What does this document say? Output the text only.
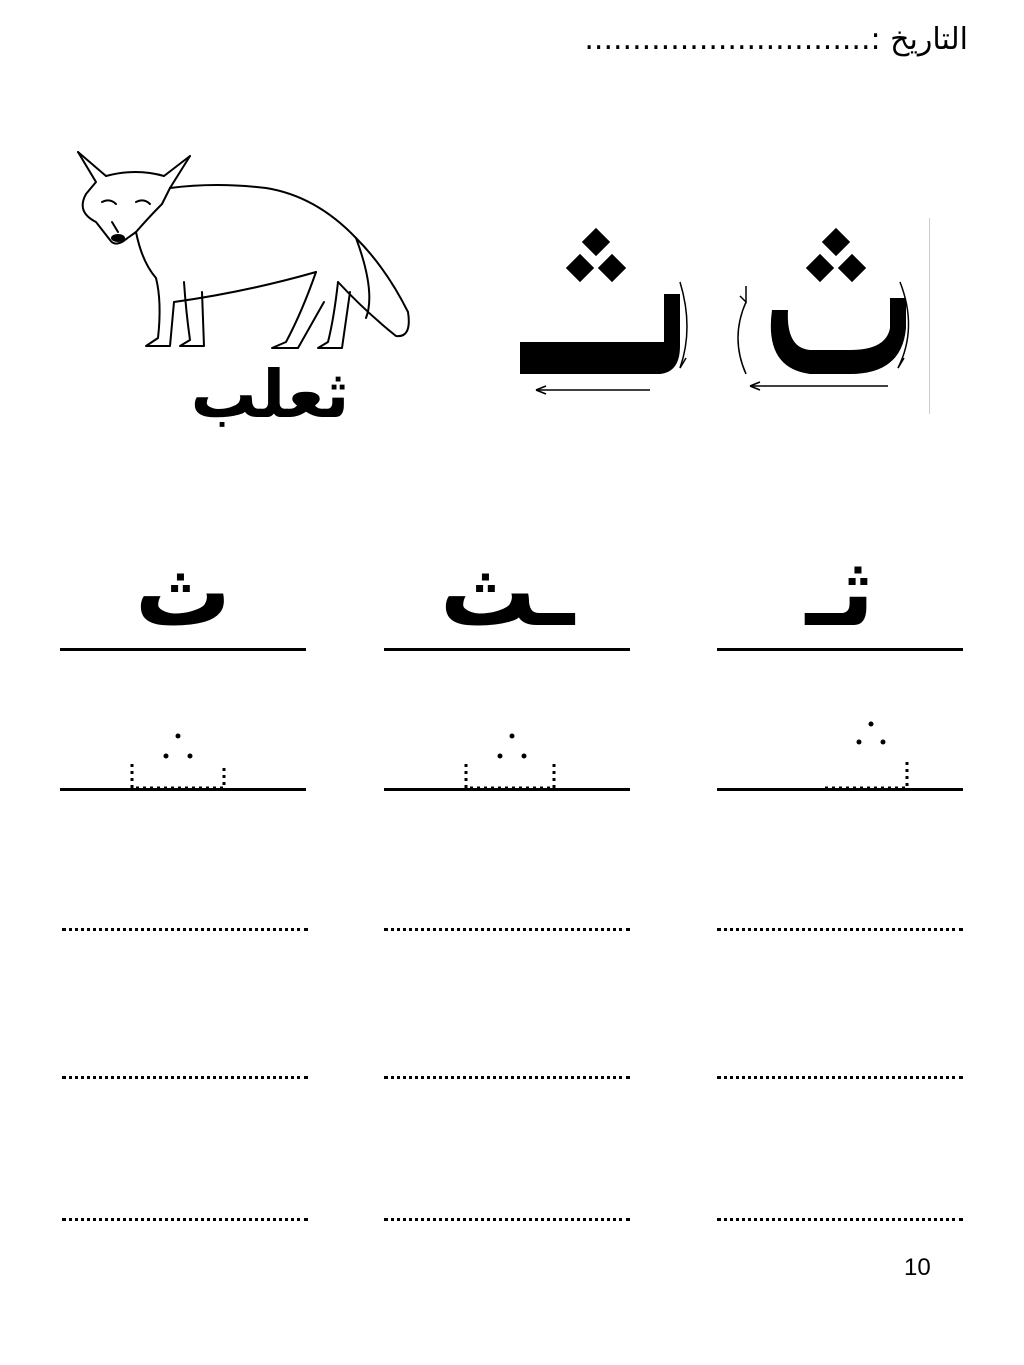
التاريخ :..............................
ثعلب
ث	ـث	ثـ
10
